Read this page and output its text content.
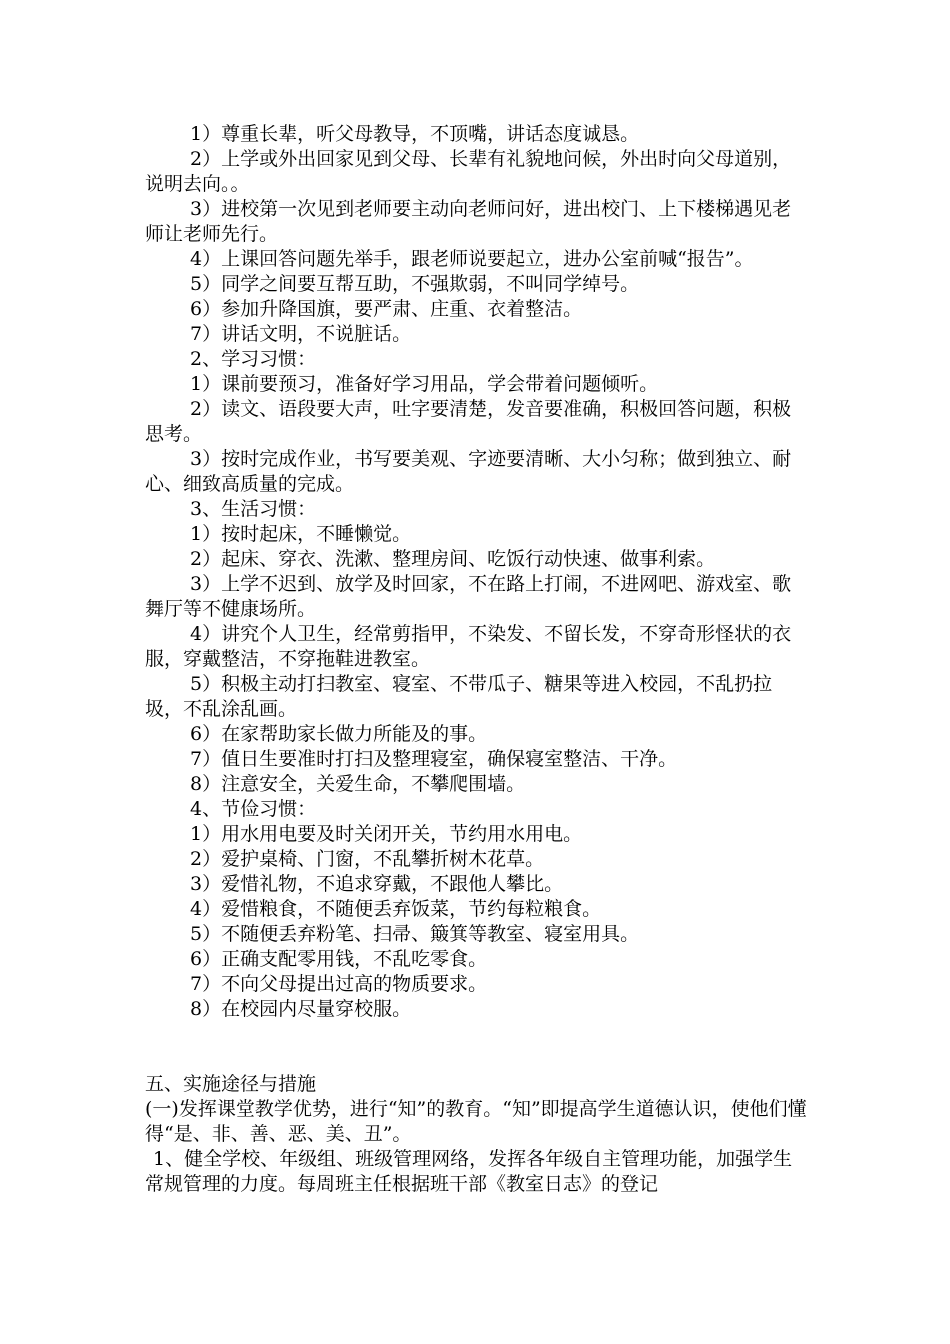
1）尊重长辈，听父母教导，不顶嘴，讲话态度诚恳。

2）上学或外出回家见到父母、长辈有礼貌地问候，外出时向父母道别，说明去向。。

3）进校第一次见到老师要主动向老师问好，进出校门、上下楼梯遇见老师让老师先行。

4）上课回答问题先举手，跟老师说要起立，进办公室前喊“报告”。

5）同学之间要互帮互助，不强欺弱，不叫同学绰号。

6）参加升降国旗，要严肃、庄重、衣着整洁。

7）讲话文明，不说脏话。

2、学习习惯：

1）课前要预习，准备好学习用品，学会带着问题倾听。

2）读文、语段要大声，吐字要清楚，发音要准确，积极回答问题，积极思考。

3）按时完成作业，书写要美观、字迹要清晰、大小匀称；做到独立、耐心、细致高质量的完成。

3、生活习惯：

1）按时起床，不睡懒觉。

2）起床、穿衣、洗漱、整理房间、吃饭行动快速、做事利索。

3）上学不迟到、放学及时回家，不在路上打闹，不进网吧、游戏室、歌舞厅等不健康场所。

4）讲究个人卫生，经常剪指甲，不染发、不留长发，不穿奇形怪状的衣服，穿戴整洁，不穿拖鞋进教室。

5）积极主动打扫教室、寝室、不带瓜子、糖果等进入校园，不乱扔拉圾，不乱涂乱画。

6）在家帮助家长做力所能及的事。

7）值日生要准时打扫及整理寝室，确保寝室整洁、干净。

8）注意安全，关爱生命，不攀爬围墙。

4、节俭习惯：

1）用水用电要及时关闭开关，节约用水用电。

2）爱护桌椅、门窗，不乱攀折树木花草。

3）爱惜礼物，不追求穿戴，不跟他人攀比。

4）爱惜粮食，不随便丢弃饭菜，节约每粒粮食。

5）不随便丢弃粉笔、扫帚、簸箕等教室、寝室用具。

6）正确支配零用钱，不乱吃零食。

7）不向父母提出过高的物质要求。

8）在校园内尽量穿校服。

五、实施途径与措施

(一)发挥课堂教学优势，进行“知”的教育。“知”即提高学生道德认识，使他们懂得“是、非、善、恶、美、丑”。

1、健全学校、年级组、班级管理网络，发挥各年级自主管理功能，加强学生常规管理的力度。每周班主任根据班干部《教室日志》的登记
